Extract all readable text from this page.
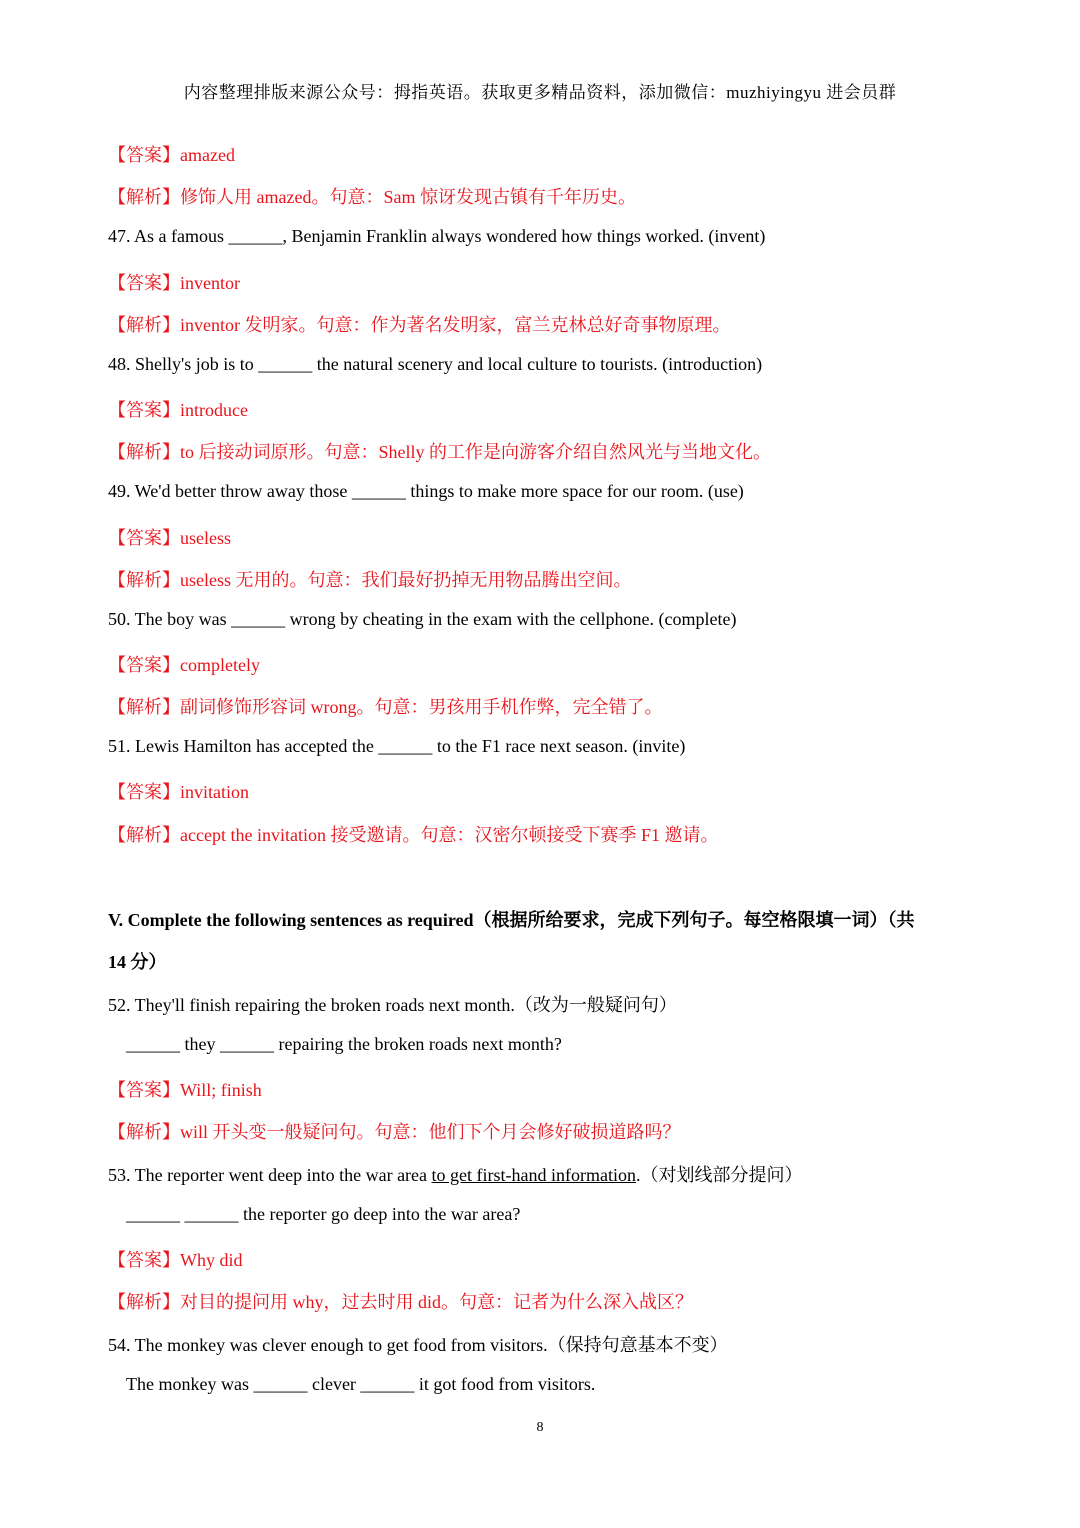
内容整理排版来源公众号：拇指英语。获取更多精品资料，添加微信：muzhiyingyu 进会员群
【答案】amazed
【解析】修饰人用 amazed。句意：Sam 惊讶发现古镇有千年历史。
47. As a famous ______, Benjamin Franklin always wondered how things worked. (invent)
【答案】inventor
【解析】inventor 发明家。句意：作为著名发明家，富兰克林总好奇事物原理。
48. Shelly's job is to ______ the natural scenery and local culture to tourists. (introduction)
【答案】introduce
【解析】to 后接动词原形。句意：Shelly 的工作是向游客介绍自然风光与当地文化。
49. We'd better throw away those ______ things to make more space for our room. (use)
【答案】useless
【解析】useless 无用的。句意：我们最好扔掉无用物品腾出空间。
50. The boy was ______ wrong by cheating in the exam with the cellphone. (complete)
【答案】completely
【解析】副词修饰形容词 wrong。句意：男孩用手机作弊，完全错了。
51. Lewis Hamilton has accepted the ______ to the F1 race next season. (invite)
【答案】invitation
【解析】accept the invitation 接受邀请。句意：汉密尔顿接受下赛季 F1 邀请。
V. Complete the following sentences as required（根据所给要求，完成下列句子。每空格限填一词）（共
14 分）
52. They'll finish repairing the broken roads next month.（改为一般疑问句）
______ they ______ repairing the broken roads next month?
【答案】Will; finish
【解析】will 开头变一般疑问句。句意：他们下个月会修好破损道路吗？
53. The reporter went deep into the war area to get first-hand information.（对划线部分提问）
______ ______ the reporter go deep into the war area?
【答案】Why did
【解析】对目的提问用 why，过去时用 did。句意：记者为什么深入战区？
54. The monkey was clever enough to get food from visitors.（保持句意基本不变）
The monkey was ______ clever ______ it got food from visitors.
8
